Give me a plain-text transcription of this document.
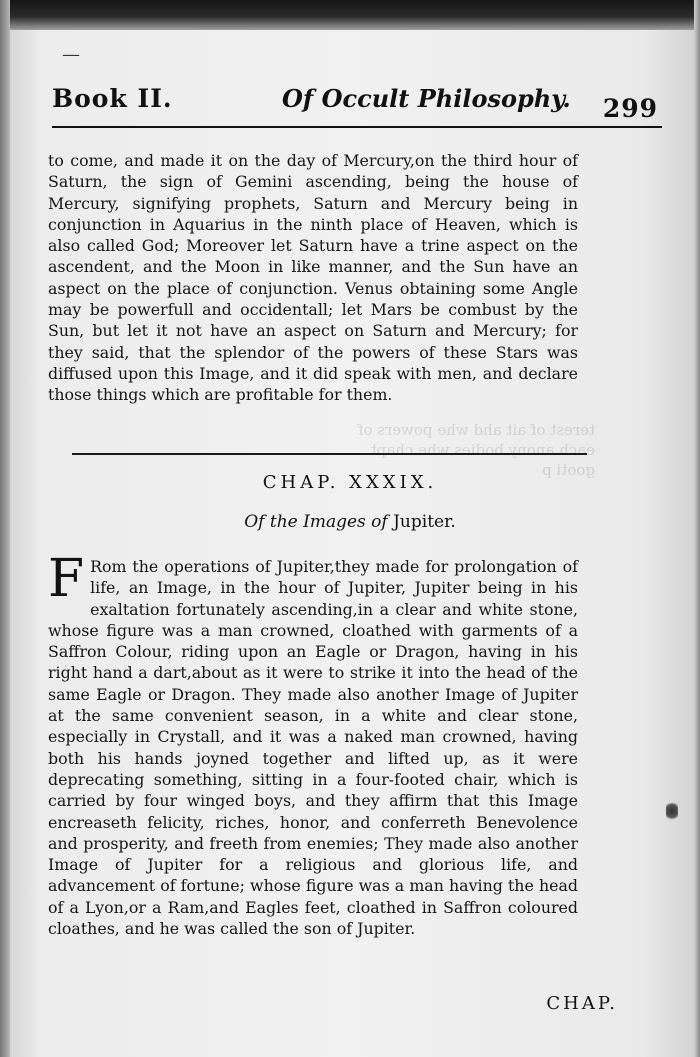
terest of ait ahd whe powers of each anony bodies whe chapt gooti p
—
Book II.	Of Occult Philosophy. 299

to come, and made it on the day of Mercury,on the third hour of Saturn, the sign of Gemini ascending, being the house of Mercury, signifying prophets, Saturn and Mercury being in conjunction in Aquarius in the ninth place of Heaven, which is also called God; Moreover let Saturn have a trine aspect on the ascendent, and the Moon in like manner, and the Sun have an aspect on the place of conjunction. Venus obtaining some Angle may be powerfull and occidentall; let Mars be combust by the Sun, but let it not have an aspect on Saturn and Mercury; for they said, that the splendor of the powers of these Stars was diffused upon this Image, and it did speak with men, and declare those things which are profitable for them.

CHAP. XXXIX.
Of the Images of Jupiter.

F Rom the operations of Jupiter,they made for prolongation of life, an Image, in the hour of Jupiter, Jupiter being in his exaltation fortunately ascending,in a clear and white stone, whose figure was a man crowned, cloathed with garments of a Saffron Colour, riding upon an Eagle or Dragon, having in his right hand a dart,about as it were to strike it into the head of the same Eagle or Dragon. They made also another Image of Jupiter at the same convenient season, in a white and clear stone, especially in Crystall, and it was a naked man crowned, having both his hands joyned together and lifted up, as it were deprecating something, sitting in a four-footed chair, which is carried by four winged boys, and they affirm that this Image encreaseth felicity, riches, honor, and conferreth Benevolence and prosperity, and freeth from enemies; They made also another Image of Jupiter for a religious and glorious life, and advancement of fortune; whose figure was a man having the head of a Lyon,or a Ram,and Eagles feet, cloathed in Saffron coloured cloathes, and he was called the son of Jupiter.

CHAP.
